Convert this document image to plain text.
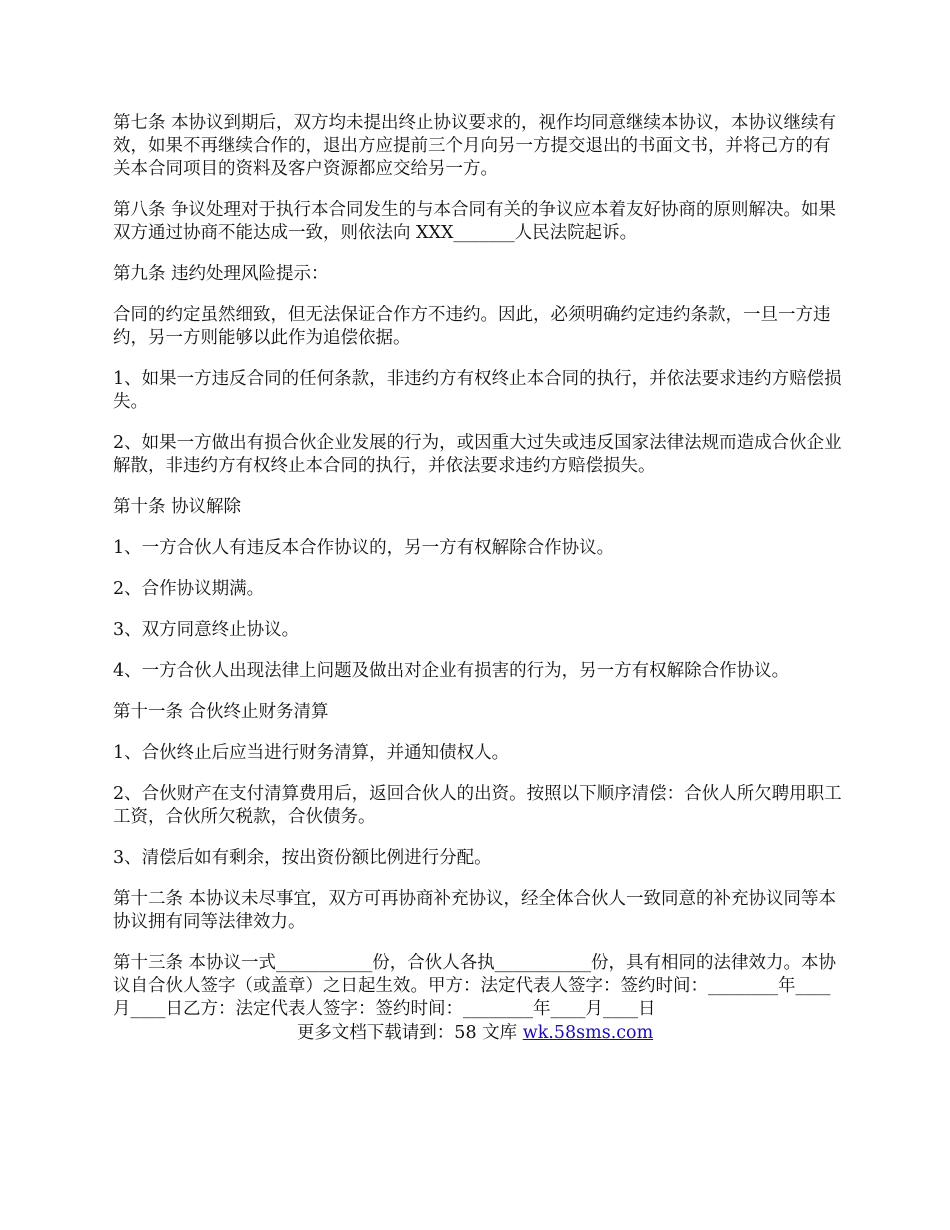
第七条 本协议到期后，双方均未提出终止协议要求的，视作均同意继续本协议，本协议继续有效，如果不再继续合作的，退出方应提前三个月向另一方提交退出的书面文书，并将己方的有关本合同项目的资料及客户资源都应交给另一方。

第八条 争议处理对于执行本合同发生的与本合同有关的争议应本着友好协商的原则解决。如果双方通过协商不能达成一致，则依法向 XXX_______人民法院起诉。

第九条 违约处理风险提示：

合同的约定虽然细致，但无法保证合作方不违约。因此，必须明确约定违约条款，一旦一方违约，另一方则能够以此作为追偿依据。

1、如果一方违反合同的任何条款，非违约方有权终止本合同的执行，并依法要求违约方赔偿损失。

2、如果一方做出有损合伙企业发展的行为，或因重大过失或违反国家法律法规而造成合伙企业解散，非违约方有权终止本合同的执行，并依法要求违约方赔偿损失。

第十条 协议解除

1、一方合伙人有违反本合作协议的，另一方有权解除合作协议。

2、合作协议期满。

3、双方同意终止协议。

4、一方合伙人出现法律上问题及做出对企业有损害的行为，另一方有权解除合作协议。

第十一条 合伙终止财务清算

1、合伙终止后应当进行财务清算，并通知债权人。

2、合伙财产在支付清算费用后，返回合伙人的出资。按照以下顺序清偿：合伙人所欠聘用职工工资，合伙所欠税款，合伙债务。

3、清偿后如有剩余，按出资份额比例进行分配。

第十二条 本协议未尽事宜，双方可再协商补充协议，经全体合伙人一致同意的补充协议同等本协议拥有同等法律效力。

第十三条 本协议一式___________份，合伙人各执___________份，具有相同的法律效力。本协议自合伙人签字（或盖章）之日起生效。甲方：法定代表人签字：签约时间：________年____月____日乙方：法定代表人签字：签约时间：________年____月____日

更多文档下载请到：58 文库 wk.58sms.com
